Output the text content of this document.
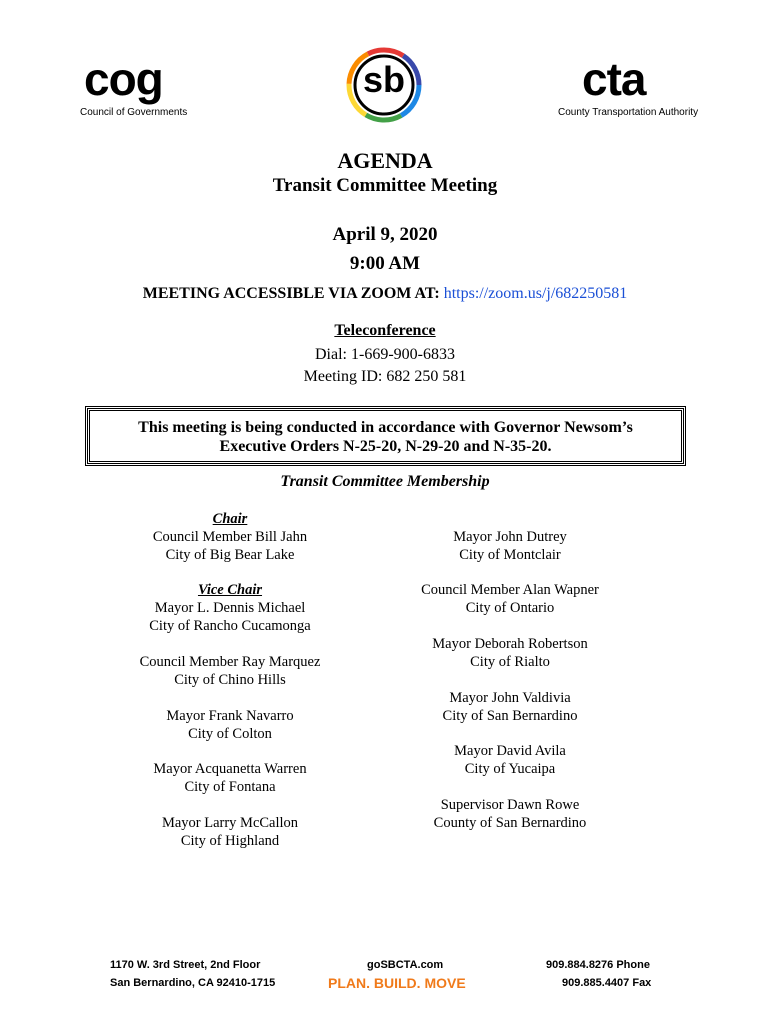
cog
Council of Governments
sb	cta
County Transportation Authority
AGENDA
Transit Committee Meeting
April 9, 2020
9:00 AM
MEETING ACCESSIBLE VIA ZOOM AT: https://zoom.us/j/682250581
Teleconference
Dial: 1-669-900-6833
Meeting ID: 682 250 581
This meeting is being conducted in accordance with Governor Newsom’s
Executive Orders N-25-20, N-29-20 and N-35-20.
Transit Committee Membership
Chair
Council Member Bill Jahn
City of Big Bear Lake
Vice Chair
Mayor L. Dennis Michael
City of Rancho Cucamonga
Council Member Ray Marquez
City of Chino Hills
Mayor Frank Navarro
City of Colton
Mayor Acquanetta Warren
City of Fontana
Mayor Larry McCallon
City of Highland
Mayor John Dutrey
City of Montclair
Council Member Alan Wapner
City of Ontario
Mayor Deborah Robertson
City of Rialto
Mayor John Valdivia
City of San Bernardino
Mayor David Avila
City of Yucaipa
Supervisor Dawn Rowe
County of San Bernardino
1170 W. 3rd Street, 2nd Floor
San Bernardino, CA 92410-1715
goSBCTA.com
PLAN. BUILD. MOVE
909.884.8276 Phone
909.885.4407 Fax
